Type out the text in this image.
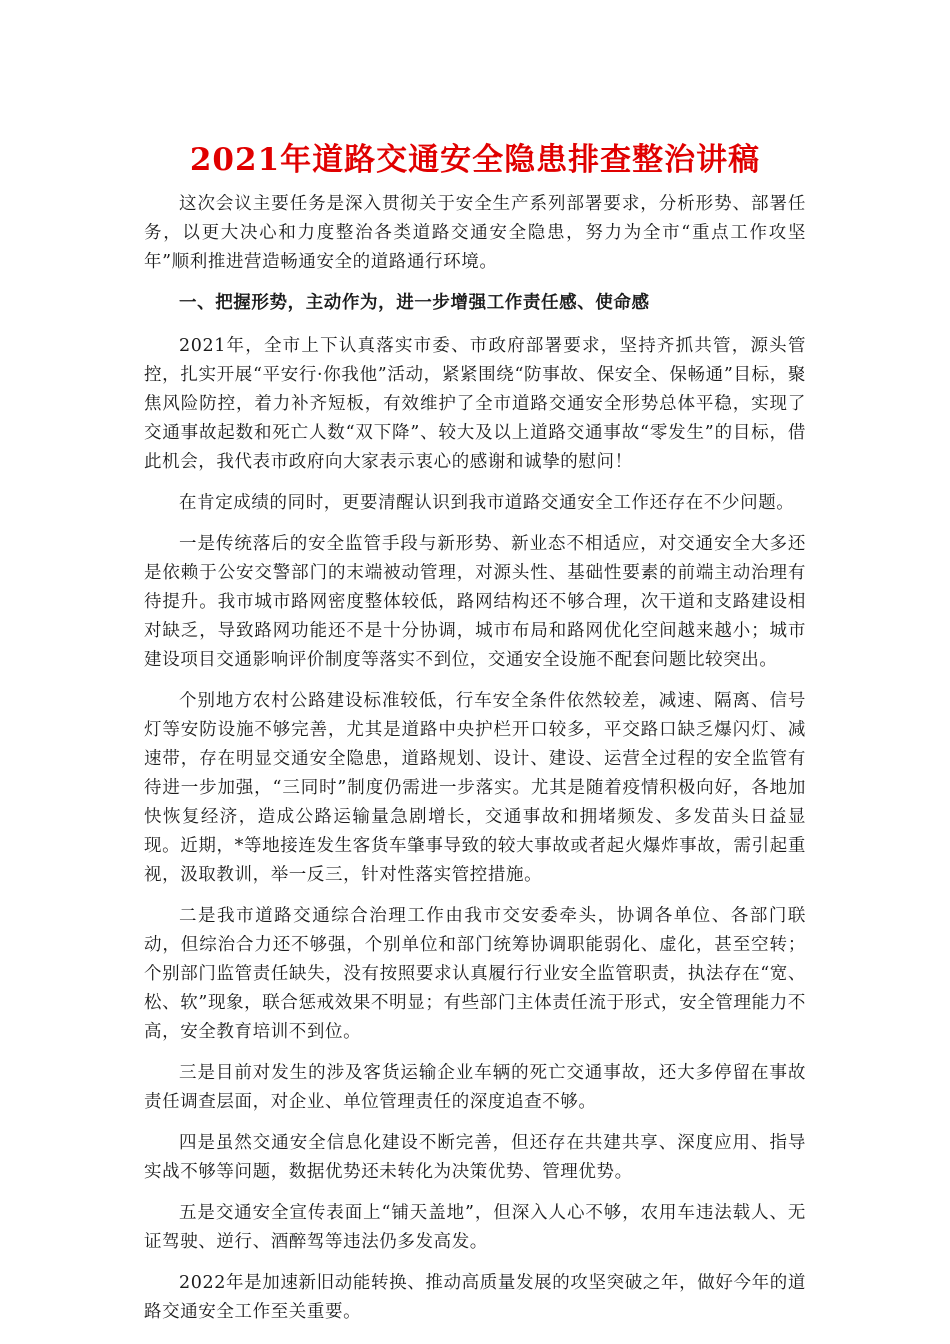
2021年道路交通安全隐患排查整治讲稿

这次会议主要任务是深入贯彻关于安全生产系列部署要求，分析形势、部署任务，以更大决心和力度整治各类道路交通安全隐患，努力为全市“重点工作攻坚年”顺利推进营造畅通安全的道路通行环境。

一、把握形势，主动作为，进一步增强工作责任感、使命感

2021年，全市上下认真落实市委、市政府部署要求，坚持齐抓共管，源头管控，扎实开展“平安行·你我他”活动，紧紧围绕“防事故、保安全、保畅通”目标，聚焦风险防控，着力补齐短板，有效维护了全市道路交通安全形势总体平稳，实现了交通事故起数和死亡人数“双下降”、较大及以上道路交通事故“零发生”的目标，借此机会，我代表市政府向大家表示衷心的感谢和诚挚的慰问！

在肯定成绩的同时，更要清醒认识到我市道路交通安全工作还存在不少问题。

一是传统落后的安全监管手段与新形势、新业态不相适应，对交通安全大多还是依赖于公安交警部门的末端被动管理，对源头性、基础性要素的前端主动治理有待提升。我市城市路网密度整体较低，路网结构还不够合理，次干道和支路建设相对缺乏，导致路网功能还不是十分协调，城市布局和路网优化空间越来越小；城市建设项目交通影响评价制度等落实不到位，交通安全设施不配套问题比较突出。

个别地方农村公路建设标准较低，行车安全条件依然较差，减速、隔离、信号灯等安防设施不够完善，尤其是道路中央护栏开口较多，平交路口缺乏爆闪灯、减速带，存在明显交通安全隐患，道路规划、设计、建设、运营全过程的安全监管有待进一步加强，“三同时”制度仍需进一步落实。尤其是随着疫情积极向好，各地加快恢复经济，造成公路运输量急剧增长，交通事故和拥堵频发、多发苗头日益显现。近期，*等地接连发生客货车肇事导致的较大事故或者起火爆炸事故，需引起重视，汲取教训，举一反三，针对性落实管控措施。

二是我市道路交通综合治理工作由我市交安委牵头，协调各单位、各部门联动，但综治合力还不够强，个别单位和部门统筹协调职能弱化、虚化，甚至空转；个别部门监管责任缺失，没有按照要求认真履行行业安全监管职责，执法存在“宽、松、软”现象，联合惩戒效果不明显；有些部门主体责任流于形式，安全管理能力不高，安全教育培训不到位。

三是目前对发生的涉及客货运输企业车辆的死亡交通事故，还大多停留在事故责任调查层面，对企业、单位管理责任的深度追查不够。

四是虽然交通安全信息化建设不断完善，但还存在共建共享、深度应用、指导实战不够等问题，数据优势还未转化为决策优势、管理优势。

五是交通安全宣传表面上“铺天盖地”，但深入人心不够，农用车违法载人、无证驾驶、逆行、酒醉驾等违法仍多发高发。

2022年是加速新旧动能转换、推动高质量发展的攻坚突破之年，做好今年的道路交通安全工作至关重要。
